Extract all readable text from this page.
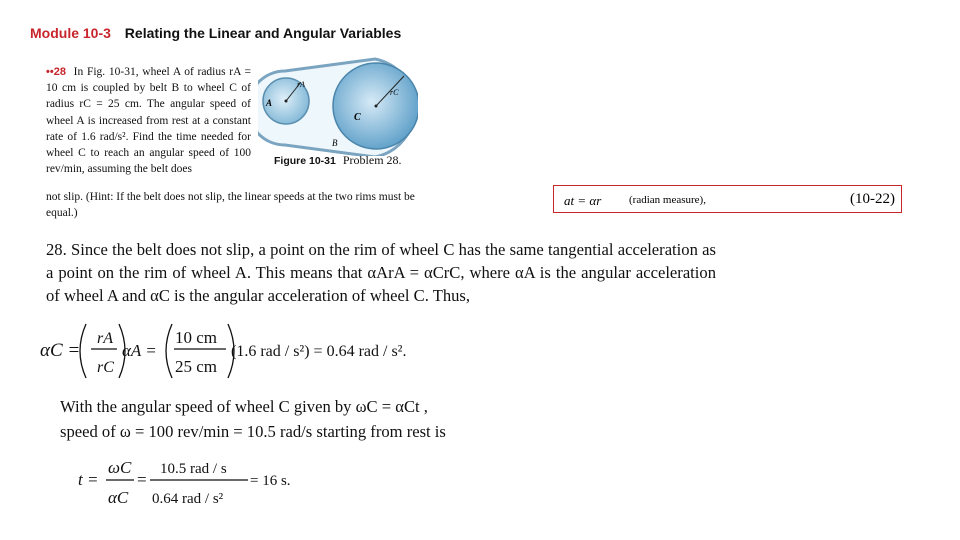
Module 10-3 Relating the Linear and Angular Variables
••28 In Fig. 10-31, wheel A of radius rA = 10 cm is coupled by belt B to wheel C of radius rC = 25 cm. The angular speed of wheel A is increased from rest at a constant rate of 1.6 rad/s². Find the time needed for wheel C to reach an angular speed of 100 rev/min, assuming the belt does
not slip. (Hint: If the belt does not slip, the linear speeds at the two rims must be equal.)
A
C
B
rA
rC
Figure 10-31 Problem 28.
at = αr	(radian measure),	(10-22)
28. Since the belt does not slip, a point on the rim of wheel C has the same tangential acceleration as a point on the rim of wheel A. This means that αArA = αCrC, where αA is the angular acceleration of wheel A and αC is the angular acceleration of wheel C. Thus,
αC =
rA
rC
αA =
10 cm
25 cm
(1.6 rad / s²) = 0.64 rad / s².
With the angular speed of wheel C given by ωC = αCt ,
speed of ω = 100 rev/min = 10.5 rad/s starting from rest is
t =
ωC
αC
=
10.5 rad / s
0.64 rad / s²
= 16 s.
